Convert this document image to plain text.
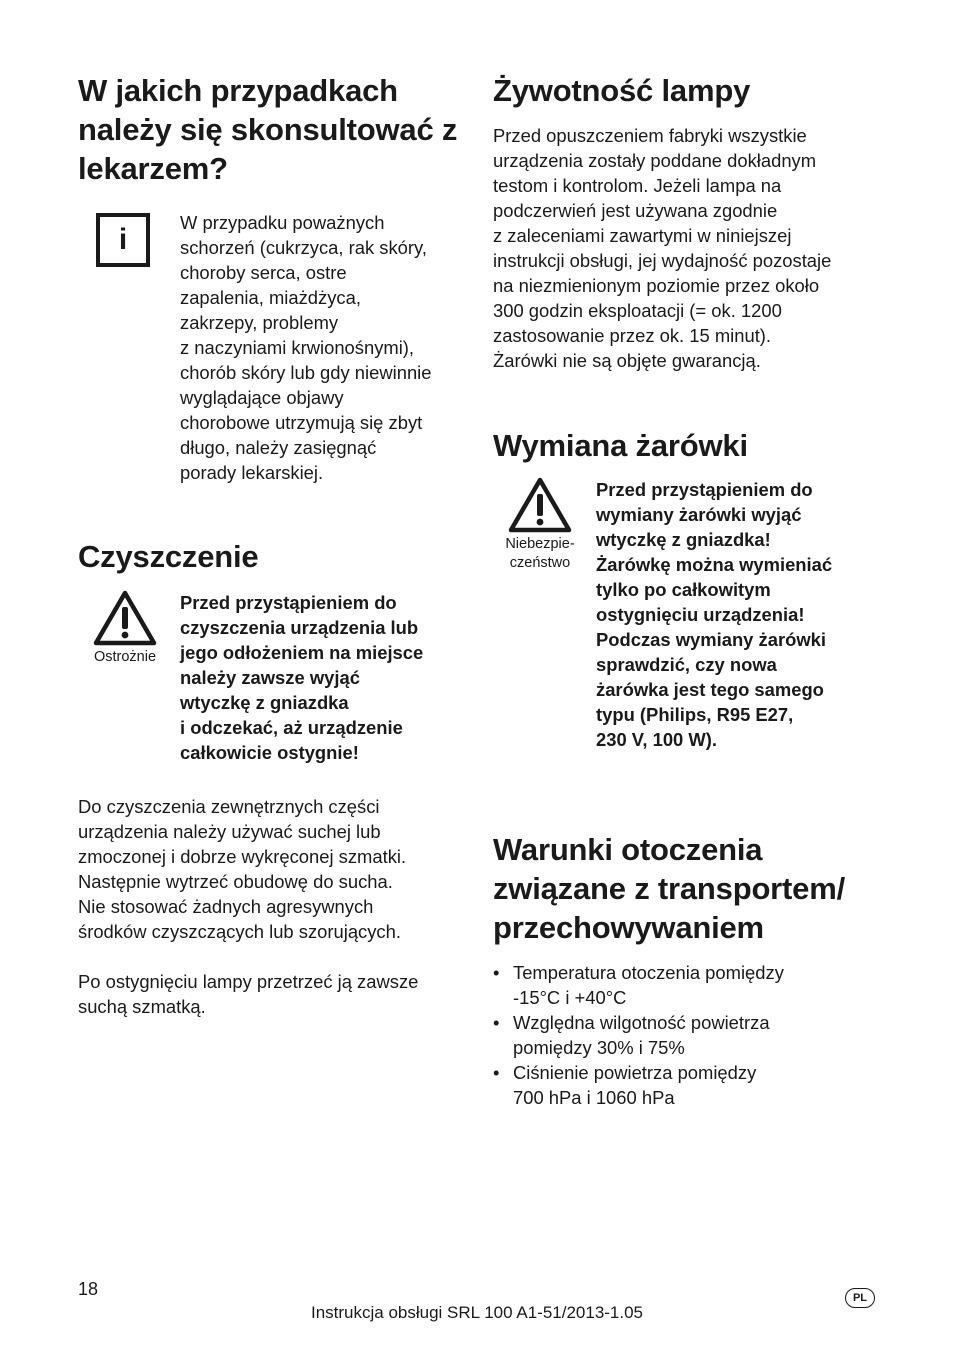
W jakich przypadkach należy się skonsultować z lekarzem?
i

W przypadku poważnych
schorzeń (cukrzyca, rak skóry,
choroby serca, ostre
zapalenia, miażdżyca,
zakrzepy, problemy
z naczyniami krwionośnymi),
chorób skóry lub gdy niewinnie
wyglądające objawy
chorobowe utrzymują się zbyt
długo, należy zasięgnąć
porady lekarskiej.

Czyszczenie
Ostrożnie

Przed przystąpieniem do
czyszczenia urządzenia lub
jego odłożeniem na miejsce
należy zawsze wyjąć
wtyczkę z gniazdka
i odczekać, aż urządzenie
całkowicie ostygnie!

Do czyszczenia zewnętrznych części
urządzenia należy używać suchej lub
zmoczonej i dobrze wykręconej szmatki.
Następnie wytrzeć obudowę do sucha.
Nie stosować żadnych agresywnych
środków czyszczących lub szorujących.

Po ostygnięciu lampy przetrzeć ją zawsze
suchą szmatką.

Żywotność lampy

Przed opuszczeniem fabryki wszystkie
urządzenia zostały poddane dokładnym
testom i kontrolom. Jeżeli lampa na
podczerwień jest używana zgodnie
z zaleceniami zawartymi w niniejszej
instrukcji obsługi, jej wydajność pozostaje
na niezmienionym poziomie przez około
300 godzin eksploatacji (= ok. 1200
zastosowanie przez ok. 15 minut).
Żarówki nie są objęte gwarancją.

Wymiana żarówki
Niebezpie-
czeństwo

Przed przystąpieniem do
wymiany żarówki wyjąć
wtyczkę z gniazdka!
Żarówkę można wymieniać
tylko po całkowitym
ostygnięciu urządzenia!
Podczas wymiany żarówki
sprawdzić, czy nowa
żarówka jest tego samego
typu (Philips, R95 E27,
230 V, 100 W).

Warunki otoczenia związane z transportem/ przechowywaniem
• Temperatura otoczenia pomiędzy
-15°C i +40°C
• Względna wilgotność powietrza
pomiędzy 30% i 75%
• Ciśnienie powietrza pomiędzy
700 hPa i 1060 hPa
18
Instrukcja obsługi SRL 100 A1-51/2013-1.05
PL
